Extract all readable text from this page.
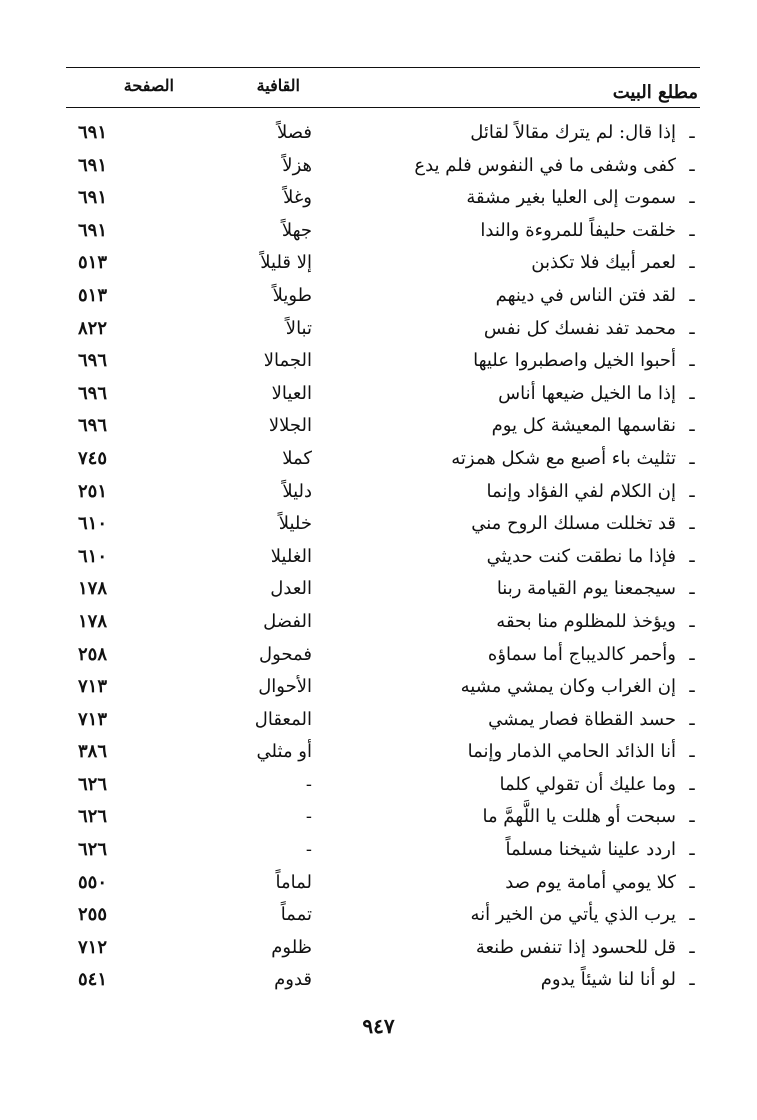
مطلع البيت
القافية
الصفحة
ـإذا قال: لم يترك مقالاً لقائل
فصلاً
٦٩١
ـكفى وشفى ما في النفوس فلم يدع
هزلاً
٦٩١
ـسموت إلى العليا بغير مشقة
وغلاً
٦٩١
ـخلقت حليفاً للمروءة والندا
جهلاً
٦٩١
ـلعمر أبيك فلا تكذبن
إلا قليلاً
٥١٣
ـلقد فتن الناس في دينهم
طويلاً
٥١٣
ـمحمد تفد نفسك كل نفس
تبالاً
٨٢٢
ـأحبوا الخيل واصطبروا عليها
الجمالا
٦٩٦
ـإذا ما الخيل ضيعها أناس
العيالا
٦٩٦
ـنقاسمها المعيشة كل يوم
الجلالا
٦٩٦
ـتثليث باء أصبع مع شكل همزته
كملا
٧٤٥
ـإن الكلام لفي الفؤاد وإنما
دليلاً
٢٥١
ـقد تخللت مسلك الروح مني
خليلاً
٦١٠
ـفإذا ما نطقت كنت حديثي
الغليلا
٦١٠
ـسيجمعنا يوم القيامة ربنا
العدل
١٧٨
ـويؤخذ للمظلوم منا بحقه
الفضل
١٧٨
ـوأحمر كالديباج أما سماؤه
فمحول
٢٥٨
ـإن الغراب وكان يمشي مشيه
الأحوال
٧١٣
ـحسد القطاة فصار يمشي
المعقال
٧١٣
ـأنا الذائد الحامي الذمار وإنما
أو مثلي
٣٨٦
ـوما عليك أن تقولي كلما
-
٦٢٦
ـسبحت أو هللت يا اللَّهمَّ ما
-
٦٢٦
ـاردد علينا شيخنا مسلماً
-
٦٢٦
ـكلا يومي أمامة يوم صد
لماماً
٥٥٠
ـيرب الذي يأتي من الخير أنه
تمماً
٢٥٥
ـقل للحسود إذا تنفس طنعة
ظلوم
٧١٢
ـلو أنا لنا شيئاً يدوم
قدوم
٥٤١
٩٤٧
